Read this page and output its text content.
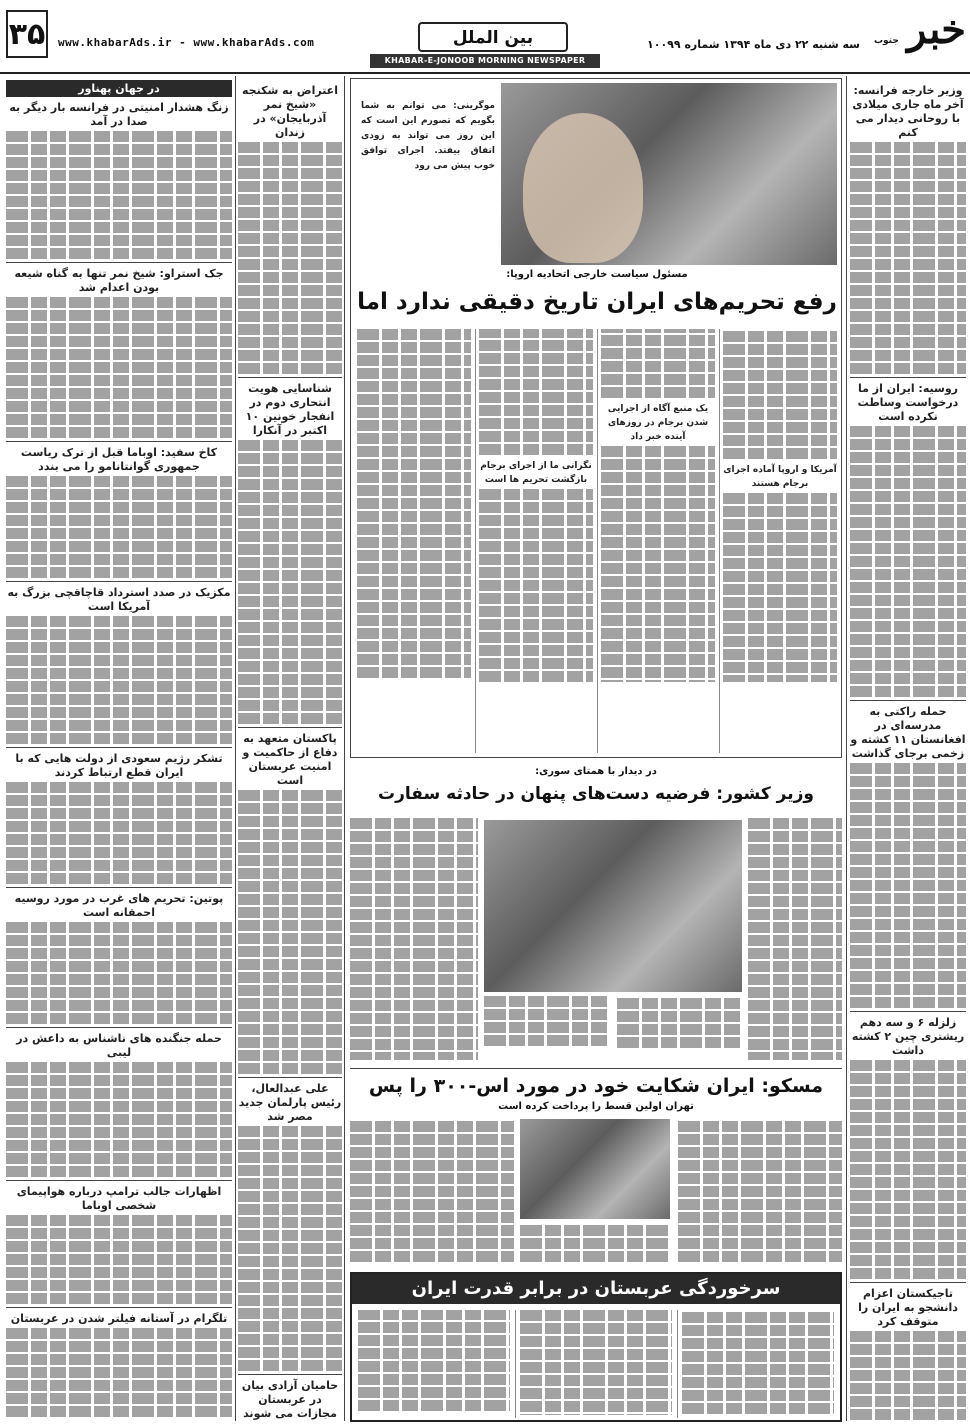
۳۵ www.khabarAds.ir - www.khabarAds.com	بین الملل	سه شنبه ۲۲ دی ماه ۱۳۹۴ شماره ۱۰۰۹۹ خبر
جنوب
KHABAR-E-JONOOB MORNING NEWSPAPER
در جهان پهناور
زنگ هشدار امنیتی در فرانسه بار دیگر به صدا در آمد
جک استراو: شیخ نمر تنها به گناه شیعه بودن اعدام شد
کاخ سفید: اوباما قبل از ترک ریاست جمهوری گوانتانامو را می بندد
مکزیک در صدد استرداد قاچاقچی بزرگ به آمریکا است
تشکر رژیم سعودی از دولت هایی که با ایران قطع ارتباط کردند
پوتین: تحریم های غرب در مورد روسیه احمقانه است
حمله جنگنده های ناشناس به داعش در لیبی
اظهارات جالب ترامپ درباره هواپیمای شخصی اوباما
تلگرام در آستانه فیلتر شدن در عربستان
اعتراض به شکنجه «شیخ نمر آذربایجان» در زندان
شناسایی هویت انتحاری دوم در انفجار خونین ۱۰ اکتبر در آنکارا
پاکستان متعهد به دفاع از حاکمیت و امنیت عربستان است
علی عبدالعال، رئیس پارلمان جدید مصر شد
حامیان آزادی بیان در عربستان مجازات می شوند
موگرینی: می توانم به شما بگویم که تصورم این است که این روز می تواند به زودی اتفاق بیفتد. اجرای توافق خوب پیش می رود
مسئول سیاست خارجی اتحادیه اروپا:
رفع تحریم‌های ایران تاریخ دقیقی ندارد اما
آمریکا و اروپا آماده اجرای برجام هستند
یک منبع آگاه از اجرایی شدن برجام در روزهای آینده خبر داد
نگرانی ما از اجرای برجام بازگشت تحریم ها است
در دیدار با همتای سوری:
وزیر کشور: فرضیه دست‌های پنهان در حادثه سفارت
مسکو: ایران شکایت خود در مورد اس-۳۰۰ را پس
تهران اولین قسط را پرداخت کرده است
سرخوردگی عربستان در برابر قدرت ایران
وزیر خارجه فرانسه: آخر ماه جاری میلادی با روحانی دیدار می کنم
روسیه: ایران از ما درخواست وساطت نکرده است
حمله راکتی به مدرسه‌ای در افغانستان ۱۱ کشته و زخمی برجای گذاشت
زلزله ۶ و سه دهم ریشتری چین ۲ کشته داشت
تاجیکستان اعزام دانشجو به ایران را متوقف کرد
